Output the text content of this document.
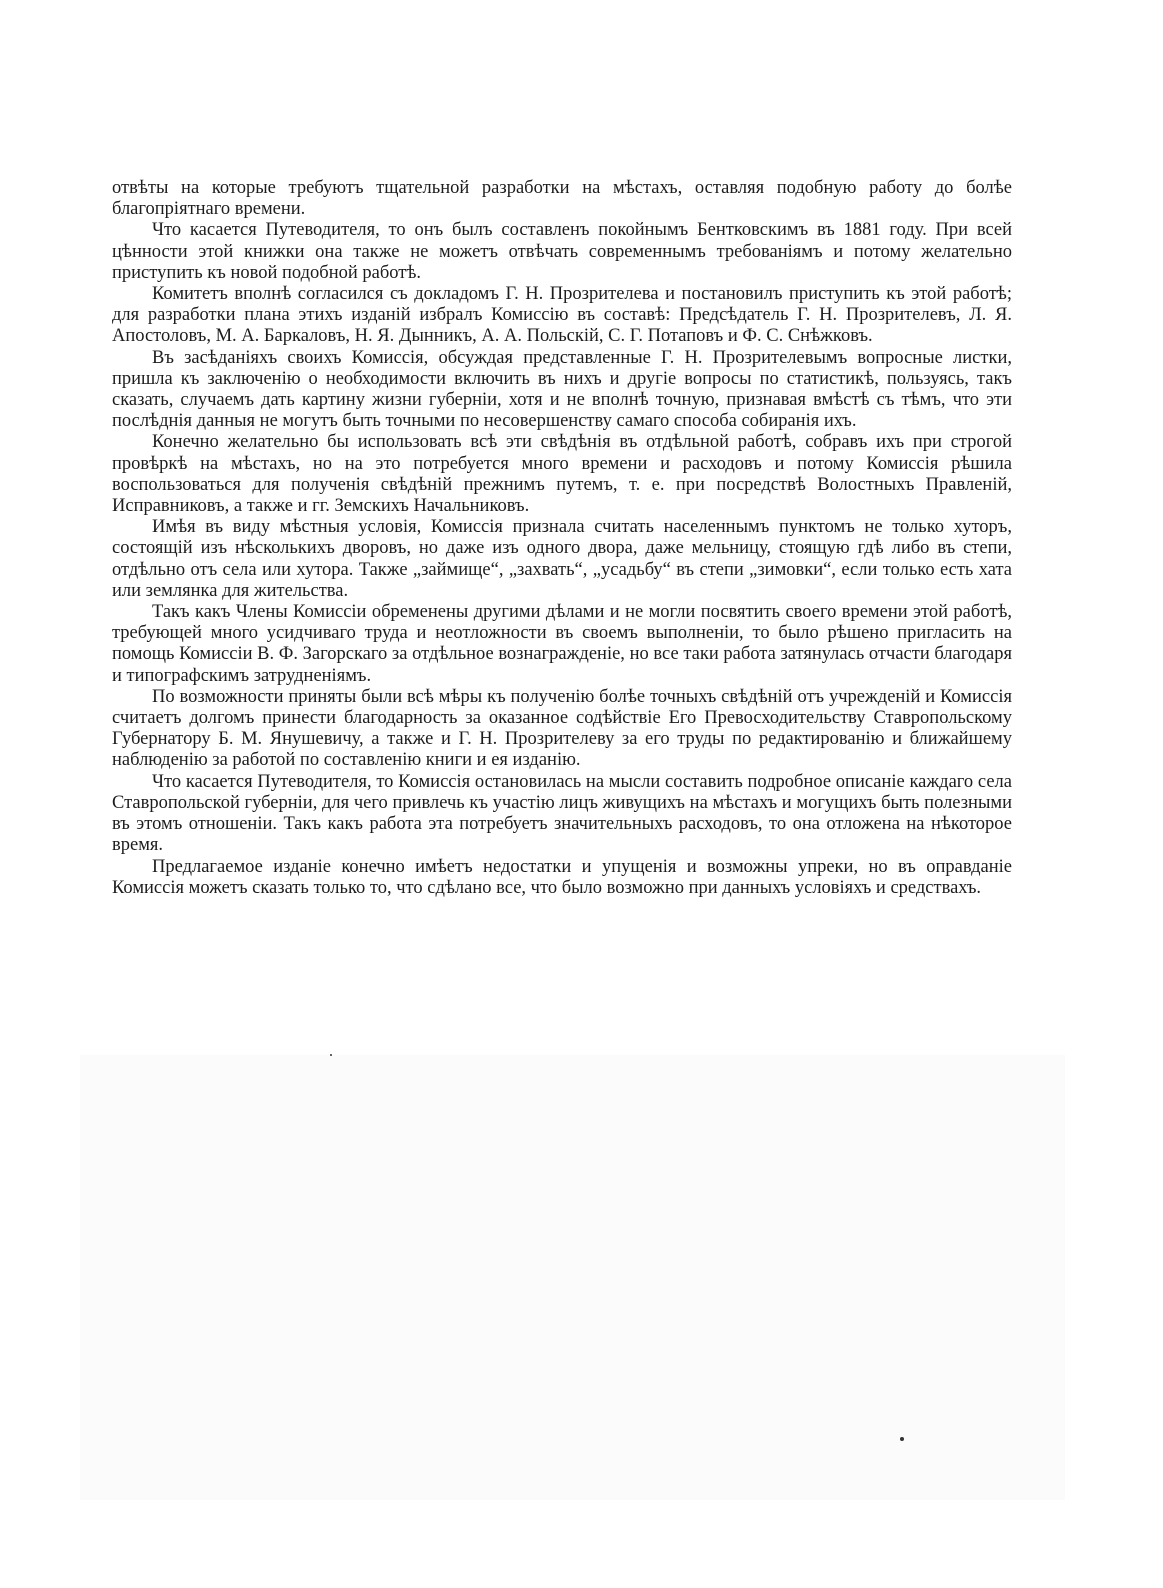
отвѣты на которые требуютъ тщательной разработки на мѣстахъ, оставляя подобную работу до болѣе благопріятнаго времени.

Что касается Путеводителя, то онъ былъ составленъ покойнымъ Бентковскимъ въ 1881 году. При всей цѣнности этой книжки она также не можетъ отвѣчать современнымъ требованіямъ и потому желательно приступить къ новой подобной работѣ.

Комитетъ вполнѣ согласился съ докладомъ Г. Н. Прозрителева и постановилъ приступить къ этой работѣ; для разработки плана этихъ изданій избралъ Комиссію въ составѣ: Предсѣдатель Г. Н. Прозрителевъ, Л. Я. Апостоловъ, М. А. Баркаловъ, Н. Я. Дынникъ, А. А. Польскій, С. Г. Потаповъ и Ф. С. Снѣжковъ.

Въ засѣданіяхъ своихъ Комиссія, обсуждая представленные Г. Н. Прозрителевымъ вопросные листки, пришла къ заключенію о необходимости включить въ нихъ и другіе вопросы по статистикѣ, пользуясь, такъ сказать, случаемъ дать картину жизни губерніи, хотя и не вполнѣ точную, признавая вмѣстѣ съ тѣмъ, что эти послѣднія данныя не могутъ быть точными по несовершенству самаго способа собиранія ихъ.

Конечно желательно бы использовать всѣ эти свѣдѣнія въ отдѣльной работѣ, собравъ ихъ при строгой провѣркѣ на мѣстахъ, но на это потребуется много времени и расходовъ и потому Комиссія рѣшила воспользоваться для полученія свѣдѣній прежнимъ путемъ, т. е. при посредствѣ Волостныхъ Правленій, Исправниковъ, а также и гг. Земскихъ Начальниковъ.

Имѣя въ виду мѣстныя условія, Комиссія признала считать населеннымъ пунктомъ не только хуторъ, состоящій изъ нѣсколькихъ дворовъ, но даже изъ одного двора, даже мельницу, стоящую гдѣ либо въ степи, отдѣльно отъ села или хутора. Также „займище“, „захвать“, „усадьбу“ въ степи „зимовки“, если только есть хата или землянка для жительства.

Такъ какъ Члены Комиссіи обременены другими дѣлами и не могли посвятить своего времени этой работѣ, требующей много усидчиваго труда и неотложности въ своемъ выполненіи, то было рѣшено пригласить на помощь Комиссіи В. Ф. Загорскаго за отдѣльное вознагражденіе, но все таки работа затянулась отчасти благодаря и типографскимъ затрудненіямъ.

По возможности приняты были всѣ мѣры къ полученію болѣе точныхъ свѣдѣній отъ учрежденій и Комиссія считаетъ долгомъ принести благодарность за оказанное содѣйствіе Его Превосходительству Ставропольскому Губернатору Б. М. Янушевичу, а также и Г. Н. Прозрителеву за его труды по редактированію и ближайшему наблюденію за работой по составленію книги и ея изданію.

Что касается Путеводителя, то Комиссія остановилась на мысли составить подробное описаніе каждаго села Ставропольской губерніи, для чего привлечь къ участію лицъ живущихъ на мѣстахъ и могущихъ быть полезными въ этомъ отношеніи. Такъ какъ работа эта потребуетъ значительныхъ расходовъ, то она отложена на нѣкоторое время.

Предлагаемое изданіе конечно имѣетъ недостатки и упущенія и возможны упреки, но въ оправданіе Комиссія можетъ сказать только то, что сдѣлано все, что было возможно при данныхъ условіяхъ и средствахъ.
